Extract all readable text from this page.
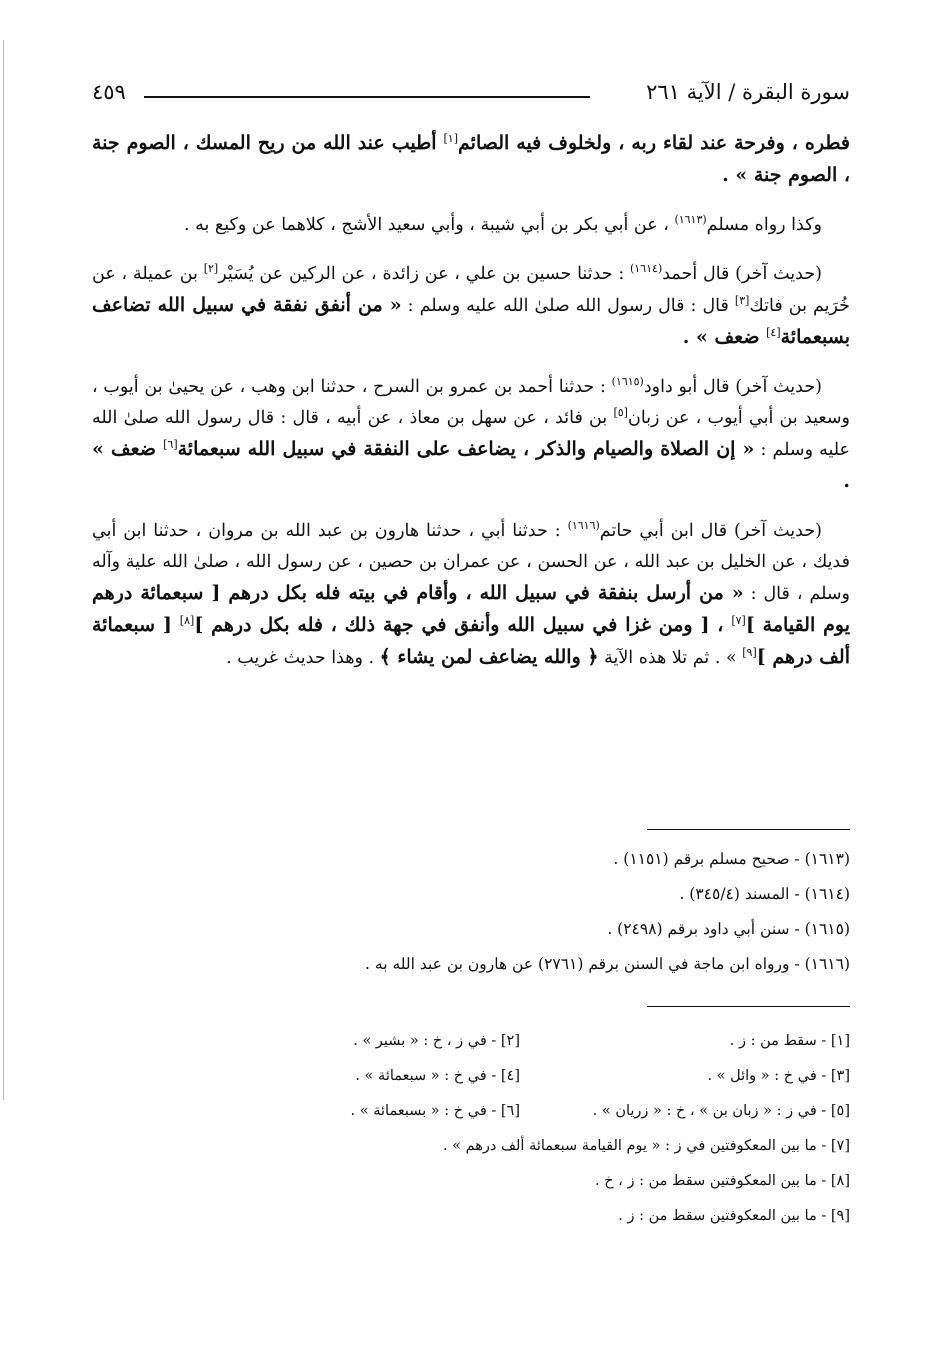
سورة البقرة / الآية ٢٦١
٤٥٩

فطره ، وفرحة عند لقاء ربه ، ولخلوف فيه الصائم[١] أطيب عند الله من ريح المسك ، الصوم جنة ، الصوم جنة » .

وكذا رواه مسلم$^{(١٦١٣)}$ ، عن أبي بكر بن أبي شيبة ، وأبي سعيد الأشج ، كلاهما عن وكيع به .

(حديث آخر) قال أحمد$^{(١٦١٤)}$ : حدثنا حسين بن علي ، عن زائدة ، عن الركين عن يُسَيْر[٢] بن عميلة ، عن خُرَيم بن فاتك[٣] قال : قال رسول الله صلىٰ الله عليه وسلم : « من أنفق نفقة في سبيل الله تضاعف بسبعمائة[٤] ضعف » .

(حديث آخر) قال أبو داود$^{(١٦١٥)}$ : حدثنا أحمد بن عمرو بن السرح ، حدثنا ابن وهب ، عن يحيىٰ بن أيوب ، وسعيد بن أبي أيوب ، عن زبان[٥] بن فائد ، عن سهل بن معاذ ، عن أبيه ، قال : قال رسول الله صلىٰ الله عليه وسلم : « إن الصلاة والصيام والذكر ، يضاعف على النفقة في سبيل الله سبعمائة[٦] ضعف » .

(حديث آخر) قال ابن أبي حاتم$^{(١٦١٦)}$ : حدثنا أبي ، حدثنا هارون بن عبد الله بن مروان ، حدثنا ابن أبي فديك ، عن الخليل بن عبد الله ، عن الحسن ، عن عمران بن حصين ، عن رسول الله ، صلىٰ الله علية وآله وسلم ، قال : « من أرسل بنفقة في سبيل الله ، وأقام في بيته فله بكل درهم [ سبعمائة درهم يوم القيامة ][٧] ، [ ومن غزا في سبيل الله وأنفق في جهة ذلك ، فله بكل درهم ][٨] [ سبعمائة ألف درهم ][٩] » . ثم تلا هذه الآية ﴿ والله يضاعف لمن يشاء ﴾ . وهذا حديث غريب .

(١٦١٣) - صحيح مسلم برقم (١١٥١) .
(١٦١٤) - المسند (٣٤٥/٤) .
(١٦١٥) - سنن أبي داود برقم (٢٤٩٨) .
(١٦١٦) - ورواه ابن ماجة في السنن برقم (٢٧٦١) عن هارون بن عبد الله به .
[١] - سقط من : ز .
[٢] - في ز ، خ : « بشير » .
[٣] - في خ : « وائل » .
[٤] - في خ : « سبعمائة » .
[٥] - في ز : « زبان بن » ، خ : « زريان » .
[٦] - في خ : « بسبعمائة » .
[٧] - ما بين المعكوفتين في ز : « يوم القيامة سبعمائة ألف درهم » .
[٨] - ما بين المعكوفتين سقط من : ز ، خ .
[٩] - ما بين المعكوفتين سقط من : ز .
